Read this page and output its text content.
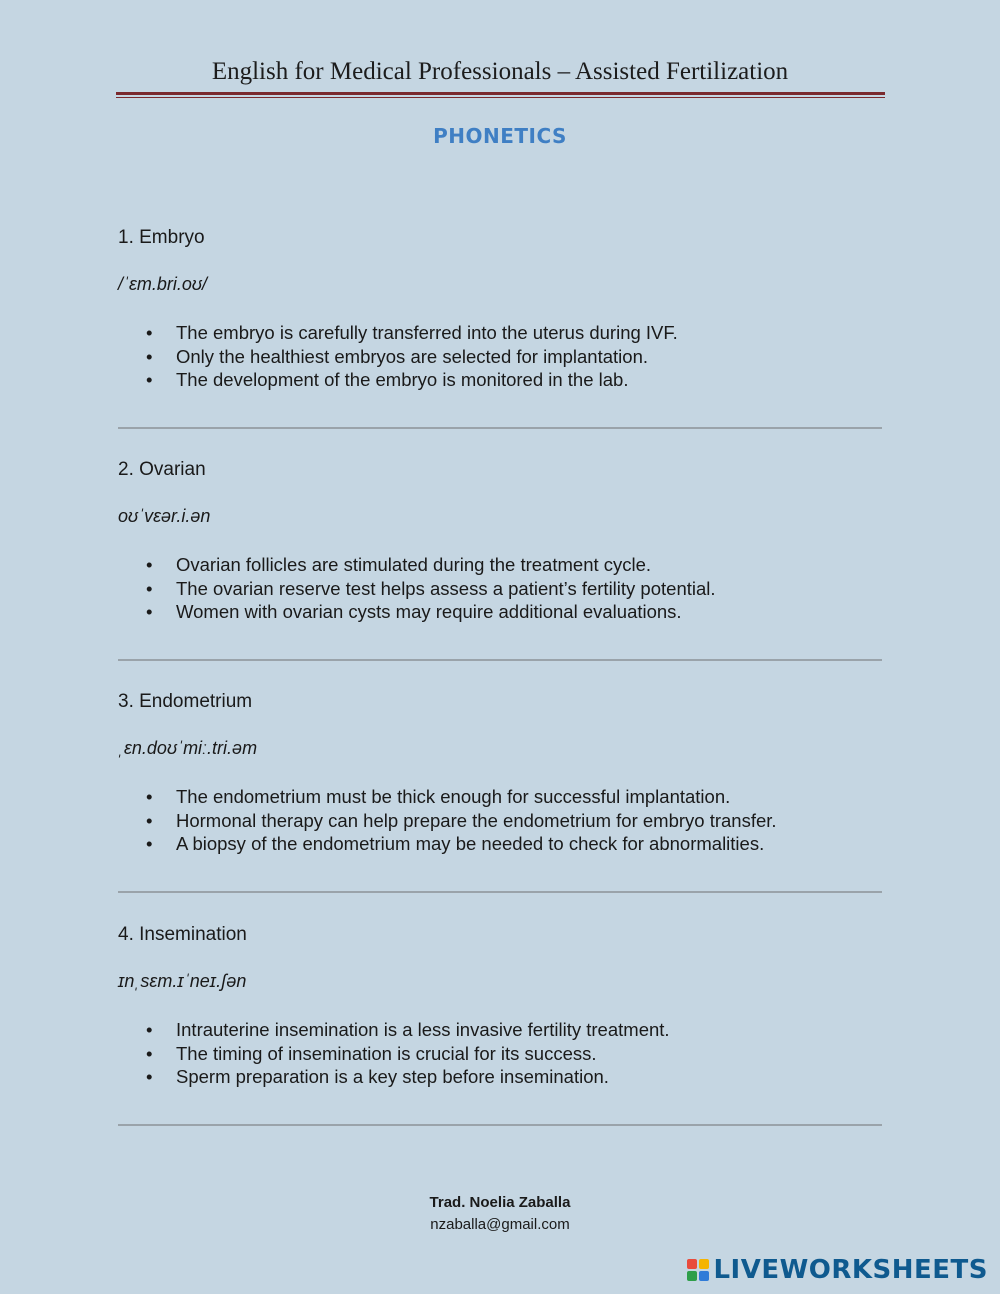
English for Medical Professionals – Assisted Fertilization
PHONETICS

1. Embryo

/ˈɛm.bri.oʊ/
• The embryo is carefully transferred into the uterus during IVF.
• Only the healthiest embryos are selected for implantation.
• The development of the embryo is monitored in the lab.

2. Ovarian

oʊˈvɛər.i.ən
• Ovarian follicles are stimulated during the treatment cycle.
• The ovarian reserve test helps assess a patient’s fertility potential.
• Women with ovarian cysts may require additional evaluations.

3. Endometrium

ˌɛn.doʊˈmiː.tri.əm
• The endometrium must be thick enough for successful implantation.
• Hormonal therapy can help prepare the endometrium for embryo transfer.
• A biopsy of the endometrium may be needed to check for abnormalities.

4. Insemination

ɪnˌsɛm.ɪˈneɪ.ʃən
• Intrauterine insemination is a less invasive fertility treatment.
• The timing of insemination is crucial for its success.
• Sperm preparation is a key step before insemination.
Trad. Noelia Zaballa
nzaballa@gmail.com
LIVEWORKSHEETS
